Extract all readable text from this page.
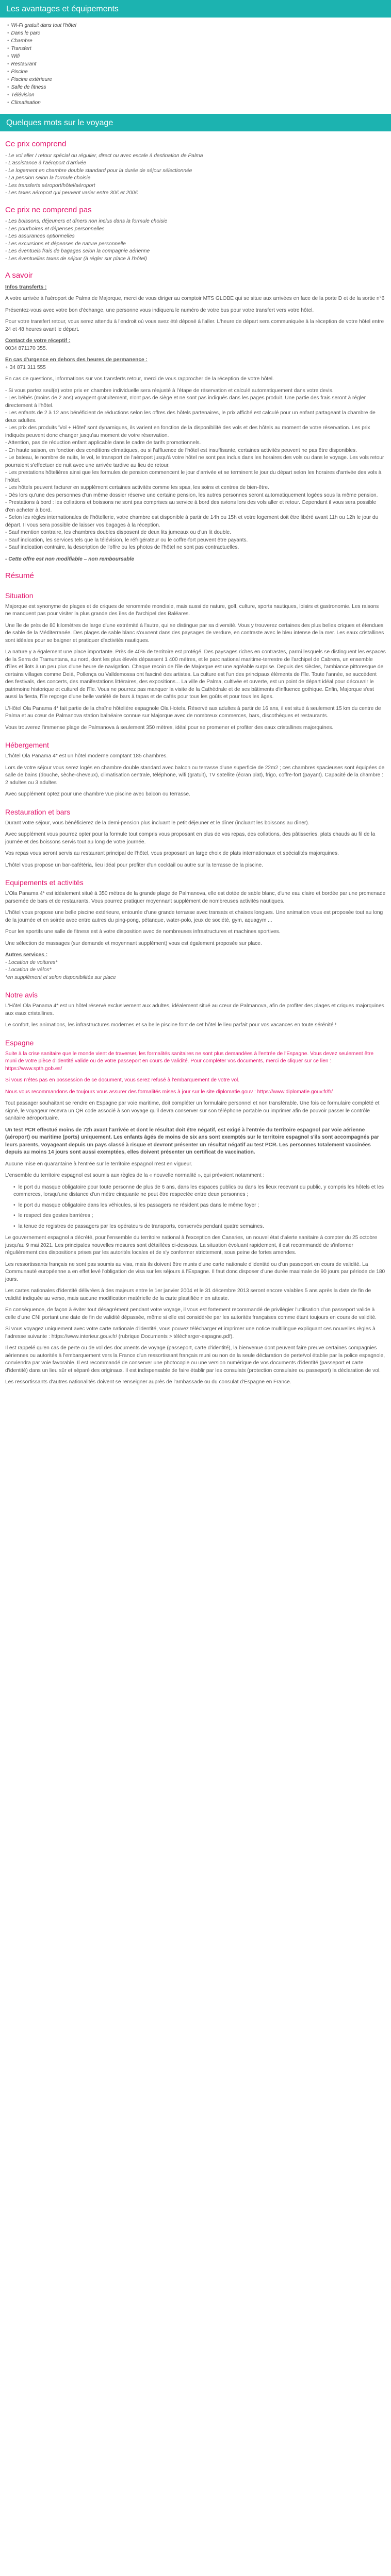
Les avantages et équipements
• Wi-Fi gratuit dans tout l'hôtel
• Dans le parc
• Chambre
• Transfert
• Wifi
• Restaurant
• Piscine
• Piscine extérieure
• Salle de fitness
• Télévision
• Climatisation
Quelques mots sur le voyage
Ce prix comprend

- Le vol aller / retour spécial ou régulier, direct ou avec escale à destination de Palma

- L'assistance à l'aéroport d'arrivée

- Le logement en chambre double standard pour la durée de séjour sélectionnée

- La pension selon la formule choisie

- Les transferts aéroport/hôtel/aéroport

- Les taxes aéroport qui peuvent varier entre 30€ et 200€

Ce prix ne comprend pas

- Les boissons, déjeuners et dîners non inclus dans la formule choisie

- Les pourboires et dépenses personnelles

- Les assurances optionnelles

- Les excursions et dépenses de nature personnelle

- Les éventuels frais de bagages selon la compagnie aérienne

- Les éventuelles taxes de séjour (à régler sur place à l'hôtel)

A savoir

Infos transferts :

A votre arrivée à l'aéroport de Palma de Majorque, merci de vous diriger au comptoir MTS GLOBE qui se situe aux arrivées en face de la porte D et de la sortie n°6

Présentez-vous avec votre bon d'échange, une personne vous indiquera le numéro de votre bus pour votre transfert vers votre hôtel.

Pour votre transfert retour, vous serez attendu à l'endroit où vous avez été déposé à l'aller. L'heure de départ sera communiquée à la réception de votre hôtel entre 24 et 48 heures avant le départ.

Contact de votre réceptif :

0034 871170 355.

En cas d'urgence en dehors des heures de permanence :

+ 34 871 311 555

En cas de questions, informations sur vos transferts retour, merci de vous rapprocher de la réception de votre hôtel.

- Si vous partez seul(e) votre prix en chambre individuelle sera réajusté à l'étape de réservation et calculé automatiquement dans votre devis.

- Les bébés (moins de 2 ans) voyagent gratuitement, n'ont pas de siège et ne sont pas indiqués dans les pages produit. Une partie des frais seront à régler directement à l'hôtel.

- Les enfants de 2 à 12 ans bénéficient de réductions selon les offres des hôtels partenaires, le prix affiché est calculé pour un enfant partageant la chambre de deux adultes.

- Les prix des produits 'Vol + Hôtel' sont dynamiques, ils varient en fonction de la disponibilité des vols et des hôtels au moment de votre réservation. Les prix indiqués peuvent donc changer jusqu'au moment de votre réservation.

- Attention, pas de réduction enfant applicable dans le cadre de tarifs promotionnels.

- En haute saison, en fonction des conditions climatiques, ou si l'affluence de l'hôtel est insuffisante, certaines activités peuvent ne pas être disponibles.

- Le bateau, le nombre de nuits, le vol, le transport de l'aéroport jusqu'à votre hôtel ne sont pas inclus dans les horaires des vols ou dans le voyage. Les vols retour pourraient s'effectuer de nuit avec une arrivée tardive au lieu de retour.

- Les prestations hôtelières ainsi que les formules de pension commencent le jour d'arrivée et se terminent le jour du départ selon les horaires d'arrivée des vols à l'hôtel.

- Les hôtels peuvent facturer en supplément certaines activités comme les spas, les soins et centres de bien-être.

- Dès lors qu'une des personnes d'un même dossier réserve une certaine pension, les autres personnes seront automatiquement logées sous la même pension.

- Prestations à bord : les collations et boissons ne sont pas comprises au service à bord des avions lors des vols aller et retour. Cependant il vous sera possible d'en acheter à bord.

- Selon les règles internationales de l'hôtellerie, votre chambre est disponible à partir de 14h ou 15h et votre logement doit être libéré avant 11h ou 12h le jour du départ. Il vous sera possible de laisser vos bagages à la réception.

- Sauf mention contraire, les chambres doubles disposent de deux lits jumeaux ou d'un lit double.

- Sauf indication, les services tels que la télévision, le réfrigérateur ou le coffre-fort peuvent être payants.

- Sauf indication contraire, la description de l'offre ou les photos de l'hôtel ne sont pas contractuelles.

- Cette offre est non modifiable – non remboursable

Résumé
Situation

Majorque est synonyme de plages et de criques de renommée mondiale, mais aussi de nature, golf, culture, sports nautiques, loisirs et gastronomie. Les raisons ne manquent pas pour visiter la plus grande des îles de l'archipel des Baléares.

Une île de près de 80 kilomètres de large d'une extrémité à l'autre, qui se distingue par sa diversité. Vous y trouverez certaines des plus belles criques et étendues de sable de la Méditerranée. Des plages de sable blanc s'ouvrent dans des paysages de verdure, en contraste avec le bleu intense de la mer. Les eaux cristallines sont idéales pour se baigner et pratiquer d'activités nautiques.

La nature y a également une place importante. Près de 40% de territoire est protégé. Des paysages riches en contrastes, parmi lesquels se distinguent les espaces de la Serra de Tramuntana, au nord, dont les plus élevés dépassent 1 400 mètres, et le parc national maritime-terrestre de l'archipel de Cabrera, un ensemble d'îles et îlots à un peu plus d'une heure de navigation. Chaque recoin de l'île de Majorque est une agréable surprise. Depuis des siècles, l'ambiance pittoresque de certains villages comme Deià, Pollença ou Valldemossa ont fasciné des artistes. La culture est l'un des principaux éléments de l'île. Toute l'année, se succèdent des festivals, des concerts, des manifestations littéraires, des expositions... La ville de Palma, cultivée et ouverte, est un point de départ idéal pour découvrir le patrimoine historique et culturel de l'île. Vous ne pourrez pas manquer la visite de la Cathédrale et de ses bâtiments d'influence gothique. Enfin, Majorque s'est aussi la fiesta, l'île regorge d'une belle variété de bars à tapas et de cafés pour tous les goûts et pour tous les âges.

L'Hôtel Ola Panama 4* fait partie de la chaîne hôtelière espagnole Ola Hotels. Réservé aux adultes à partir de 16 ans, il est situé à seulement 15 km du centre de Palma et au cœur de Palmanova station balnéaire connue sur Majorque avec de nombreux commerces, bars, discothèques et restaurants.

Vous trouverez l'immense plage de Palmanova à seulement 350 mètres, idéal pour se promener et profiter des eaux cristallines majorquines.

Hébergement

L'hôtel Ola Panama 4* est un hôtel moderne comptant 185 chambres.

Lors de votre séjour vous serez logés en chambre double standard avec balcon ou terrasse d'une superficie de 22m2 ; ces chambres spacieuses sont équipées de salle de bains (douche, sèche-cheveux), climatisation centrale, téléphone, wifi (gratuit), TV satellite (écran plat), frigo, coffre-fort (payant). Capacité de la chambre : 2 adultes ou 3 adultes

Avec supplément optez pour une chambre vue piscine avec balcon ou terrasse.

Restauration et bars

Durant votre séjour, vous bénéficierez de la demi-pension plus incluant le petit déjeuner et le dîner (incluant les boissons au dîner).

Avec supplément vous pourrez opter pour la formule tout compris vous proposant en plus de vos repas, des collations, des pâtisseries, plats chauds au fil de la journée et des boissons servis tout au long de votre journée.

Vos repas vous seront servis au restaurant principal de l'hôtel, vous proposant un large choix de plats internationaux et spécialités majorquines.

L'hôtel vous propose un bar-cafétéria, lieu idéal pour profiter d'un cocktail ou autre sur la terrasse de la piscine.

Equipements et activités

L'Ola Panama 4* est idéalement situé à 350 mètres de la grande plage de Palmanova, elle est dotée de sable blanc, d'une eau claire et bordée par une promenade parsemée de bars et de restaurants. Vous pourrez pratiquer moyennant supplément de nombreuses activités nautiques.

L'hôtel vous propose une belle piscine extérieure, entourée d'une grande terrasse avec transats et chaises longues. Une animation vous est proposée tout au long de la journée et en soirée avec entre autres du ping-pong, pétanque, water-polo, jeux de société, gym, aquagym ...

Pour les sportifs une salle de fitness est à votre disposition avec de nombreuses infrastructures et machines sportives.

Une sélection de massages (sur demande et moyennant supplément) vous est également proposée sur place.

Autres services :

- Location de voitures*

- Location de vélos*

*en supplément et selon disponibilités sur place

Notre avis

L'Hôtel Ola Panama 4* est un hôtel réservé exclusivement aux adultes, idéalement situé au cœur de Palmanova, afin de profiter des plages et criques majorquines aux eaux cristallines.

Le confort, les animations, les infrastructures modernes et sa belle piscine font de cet hôtel le lieu parfait pour vos vacances en toute sérénité !

Espagne

Suite à la crise sanitaire que le monde vient de traverser, les formalités sanitaires ne sont plus demandées à l'entrée de l'Espagne. Vous devez seulement être muni de votre pièce d'identité valide ou de votre passeport en cours de validité. Pour compléter vos documents, merci de cliquer sur ce lien : https://www.spth.gob.es/

Si vous n'êtes pas en possession de ce document, vous serez refusé à l'embarquement de votre vol.

Nous vous recommandons de toujours vous assurer des formalités mises à jour sur le site diplomatie.gouv : https://www.diplomatie.gouv.fr/fr/

Tout passager souhaitant se rendre en Espagne par voie maritime, doit compléter un formulaire personnel et non transférable. Une fois ce formulaire complété et signé, le voyageur recevra un QR code associé à son voyage qu'il devra conserver sur son téléphone portable ou imprimer afin de pouvoir passer le contrôle sanitaire aéroportuaire.

Un test PCR effectué moins de 72h avant l'arrivée et dont le résultat doit être négatif, est exigé à l'entrée du territoire espagnol par voie aérienne (aéroport) ou maritime (ports) uniquement. Les enfants âgés de moins de six ans sont exemptés sur le territoire espagnol s'ils sont accompagnés par leurs parents, voyageant depuis un pays classé à risque et devront présenter un résultat négatif au test PCR. Les personnes totalement vaccinées depuis au moins 14 jours sont aussi exemptées, elles doivent présenter un certificat de vaccination.

Aucune mise en quarantaine à l'entrée sur le territoire espagnol n'est en vigueur.

L'ensemble du territoire espagnol est soumis aux règles de la « nouvelle normalité », qui prévoient notamment :

• le port du masque obligatoire pour toute personne de plus de 6 ans, dans les espaces publics ou dans les lieux recevant du public, y compris les hôtels et les commerces, lorsqu'une distance d'un mètre cinquante ne peut être respectée entre deux personnes ;
• le port du masque obligatoire dans les véhicules, si les passagers ne résident pas dans le même foyer ;
• le respect des gestes barrières ;
• la tenue de registres de passagers par les opérateurs de transports, conservés pendant quatre semaines.

Le gouvernement espagnol a décrété, pour l'ensemble du territoire national à l'exception des Canaries, un nouvel état d'alerte sanitaire à compter du 25 octobre jusqu'au 9 mai 2021. Les principales nouvelles mesures sont détaillées ci-dessous. La situation évoluant rapidement, il est recommandé de s'informer régulièrement des dispositions prises par les autorités locales et de s'y conformer strictement, sous peine de fortes amendes.

Les ressortissants français ne sont pas soumis au visa, mais ils doivent être munis d'une carte nationale d'identité ou d'un passeport en cours de validité. La Communauté européenne a en effet levé l'obligation de visa sur les séjours à l'Espagne. Il faut donc disposer d'une durée maximale de 90 jours par période de 180 jours.

Les cartes nationales d'identité délivrées à des majeurs entre le 1er janvier 2004 et le 31 décembre 2013 seront encore valables 5 ans après la date de fin de validité indiquée au verso, mais aucune modification matérielle de la carte plastifiée n'en atteste.

En conséquence, de façon à éviter tout désagrément pendant votre voyage, il vous est fortement recommandé de privilégier l'utilisation d'un passeport valide à celle d'une CNI portant une date de fin de validité dépassée, même si elle est considérée par les autorités françaises comme étant toujours en cours de validité.

Si vous voyagez uniquement avec votre carte nationale d'identité, vous pouvez télécharger et imprimer une notice multilingue expliquant ces nouvelles règles à l'adresse suivante : https://www.interieur.gouv.fr/ (rubrique Documents > télécharger-espagne.pdf).

Il est rappelé qu'en cas de perte ou de vol des documents de voyage (passeport, carte d'identité), la bienvenue dont peuvent faire preuve certaines compagnies aériennes ou autorités à l'embarquement vers la France d'un ressortissant français muni ou non de la seule déclaration de perte/vol établie par la police espagnole, conviendra par voie favorable. Il est recommandé de conserver une photocopie ou une version numérique de vos documents d'identité (passeport et carte d'identité) dans un lieu sûr et séparé des originaux. Il est indispensable de faire établir par les consulats (protection consulaire ou passeport) la déclaration de vol.

Les ressortissants d'autres nationalités doivent se renseigner auprès de l'ambassade ou du consulat d'Espagne en France.
